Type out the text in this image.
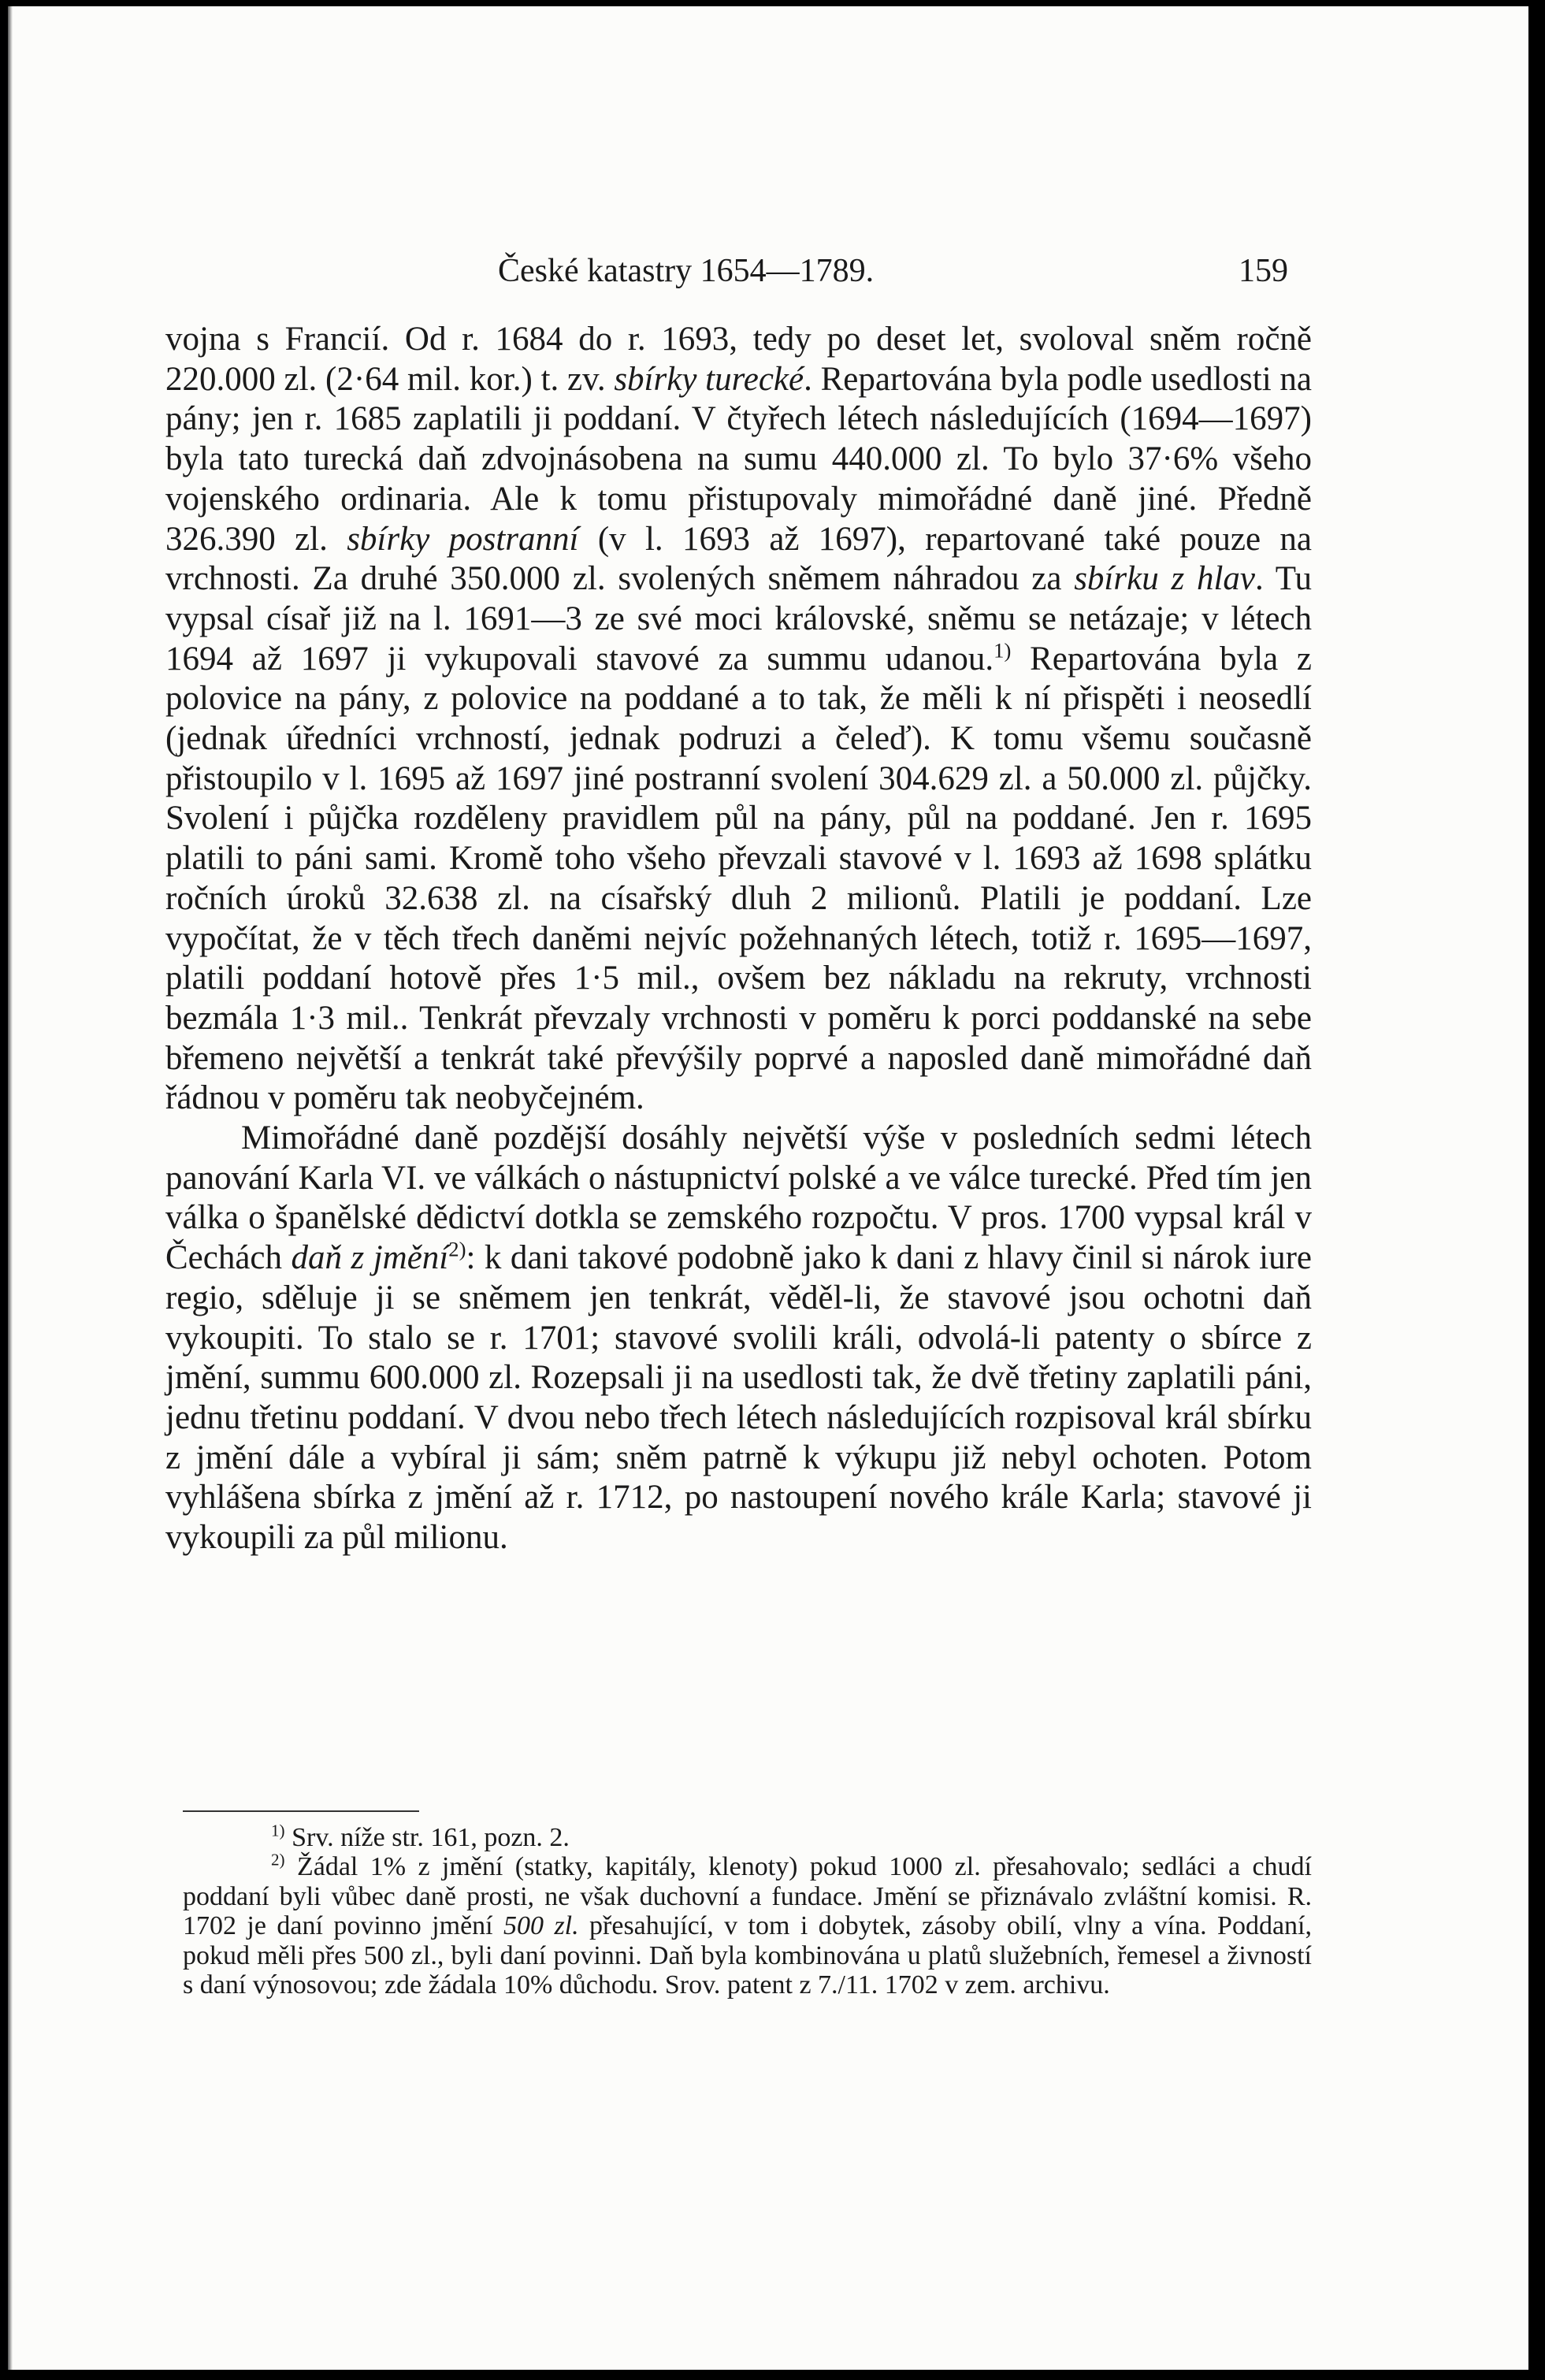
České katastry 1654—1789.	159

vojna s Francií. Od r. 1684 do r. 1693, tedy po deset let, svoloval sněm ročně 220.000 zl. (2·64 mil. kor.) t. zv. sbírky turecké. Repartována byla podle usedlosti na pány; jen r. 1685 zaplatili ji poddaní. V čtyřech létech následujících (1694—1697) byla tato turecká daň zdvojnásobena na sumu 440.000 zl. To bylo 37·6% všeho vojenského ordinaria. Ale k tomu přistupovaly mimořádné daně jiné. Předně 326.390 zl. sbírky postranní (v l. 1693 až 1697), repartované také pouze na vrchnosti. Za druhé 350.000 zl. svolených sněmem náhradou za sbírku z hlav. Tu vypsal císař již na l. 1691—3 ze své moci královské, sněmu se netázaje; v létech 1694 až 1697 ji vykupovali stavové za summu udanou.$^{1)}$ Repartována byla z polovice na pány, z polovice na poddané a to tak, že měli k ní přispěti i neosedlí (jednak úředníci vrchností, jednak podruzi a čeleď). K tomu všemu současně přistoupilo v l. 1695 až 1697 jiné postranní svolení 304.629 zl. a 50.000 zl. půjčky. Svolení i půjčka rozděleny pravidlem půl na pány, půl na poddané. Jen r. 1695 platili to páni sami. Kromě toho všeho převzali stavové v l. 1693 až 1698 splátku ročních úroků 32.638 zl. na císařský dluh 2 milionů. Platili je poddaní. Lze vypočítat, že v těch třech daněmi nejvíc požehnaných létech, totiž r. 1695—1697, platili poddaní hotově přes 1·5 mil., ovšem bez nákladu na rekruty, vrchnosti bezmála 1·3 mil.. Tenkrát převzaly vrchnosti v poměru k porci poddanské na sebe břemeno největší a tenkrát také převýšily poprvé a naposled daně mimořádné daň řádnou v poměru tak neobyčejném.

Mimořádné daně pozdější dosáhly největší výše v posledních sedmi létech panování Karla VI. ve válkách o nástupnictví polské a ve válce turecké. Před tím jen válka o španělské dědictví dotkla se zemského rozpočtu. V pros. 1700 vypsal král v Čechách daň z jmění$^{2)}$: k dani takové podobně jako k dani z hlavy činil si nárok iure regio, sděluje ji se sněmem jen tenkrát, věděl-li, že stavové jsou ochotni daň vykoupiti. To stalo se r. 1701; stavové svolili králi, odvolá-li patenty o sbírce z jmění, summu 600.000 zl. Rozepsali ji na usedlosti tak, že dvě třetiny zaplatili páni, jednu třetinu poddaní. V dvou nebo třech létech následujících rozpisoval král sbírku z jmění dále a vybíral ji sám; sněm patrně k výkupu již nebyl ochoten. Potom vyhlášena sbírka z jmění až r. 1712, po nastoupení nového krále Karla; stavové ji vykoupili za půl milionu.

$^{1)}$ Srv. níže str. 161, pozn. 2.

$^{2)}$ Žádal 1% z jmění (statky, kapitály, klenoty) pokud 1000 zl. přesahovalo; sedláci a chudí poddaní byli vůbec daně prosti, ne však duchovní a fundace. Jmění se přiznávalo zvláštní komisi. R. 1702 je daní povinno jmění 500 zl. přesahující, v tom i dobytek, zásoby obilí, vlny a vína. Poddaní, pokud měli přes 500 zl., byli daní povinni. Daň byla kombinována u platů služebních, řemesel a živností s daní výnosovou; zde žádala 10% důchodu. Srov. patent z 7./11. 1702 v zem. archivu.
